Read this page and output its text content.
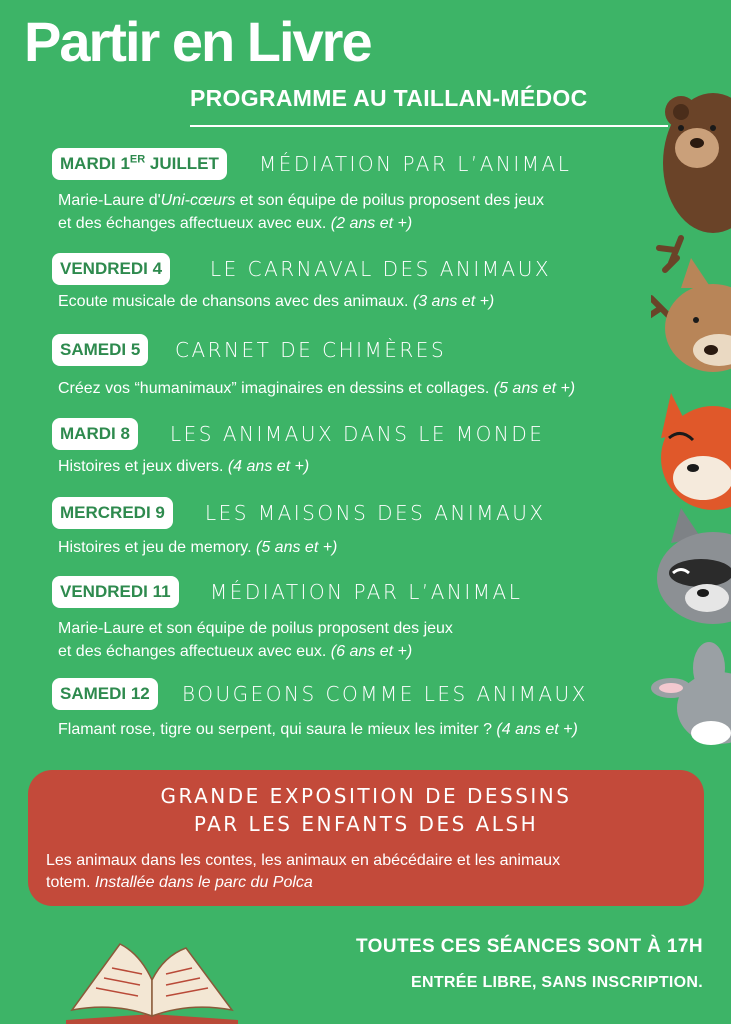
Partir en Livre
PROGRAMME AU TAILLAN-MÉDOC
MARDI 1ER JUILLET	MÉDIATION PAR L’ANIMAL
Marie-Laure d'Uni-cœurs et son équipe de poilus proposent des jeux
et des échanges affectueux avec eux. (2 ans et +)
VENDREDI 4	LE CARNAVAL DES ANIMAUX
Ecoute musicale de chansons avec des animaux. (3 ans et +)
SAMEDI 5	CARNET DE CHIMÈRES
Créez vos “humanimaux” imaginaires en dessins et collages. (5 ans et +)
MARDI 8	LES ANIMAUX DANS LE MONDE
Histoires et jeux divers. (4 ans et +)
MERCREDI 9	LES MAISONS DES ANIMAUX
Histoires et jeu de memory. (5 ans et +)
VENDREDI 11	MÉDIATION PAR L’ANIMAL
Marie-Laure et son équipe de poilus proposent des jeux
et des échanges affectueux avec eux. (6 ans et +)
SAMEDI 12	BOUGEONS COMME LES ANIMAUX
Flamant rose, tigre ou serpent, qui saura le mieux les imiter ? (4 ans et +)
GRANDE EXPOSITION DE DESSINS
PAR LES ENFANTS DES ALSH
Les animaux dans les contes, les animaux en abécédaire et les animaux
totem. Installée dans le parc du Polca
TOUTES CES SÉANCES SONT À 17H
ENTRÉE LIBRE, SANS INSCRIPTION.
